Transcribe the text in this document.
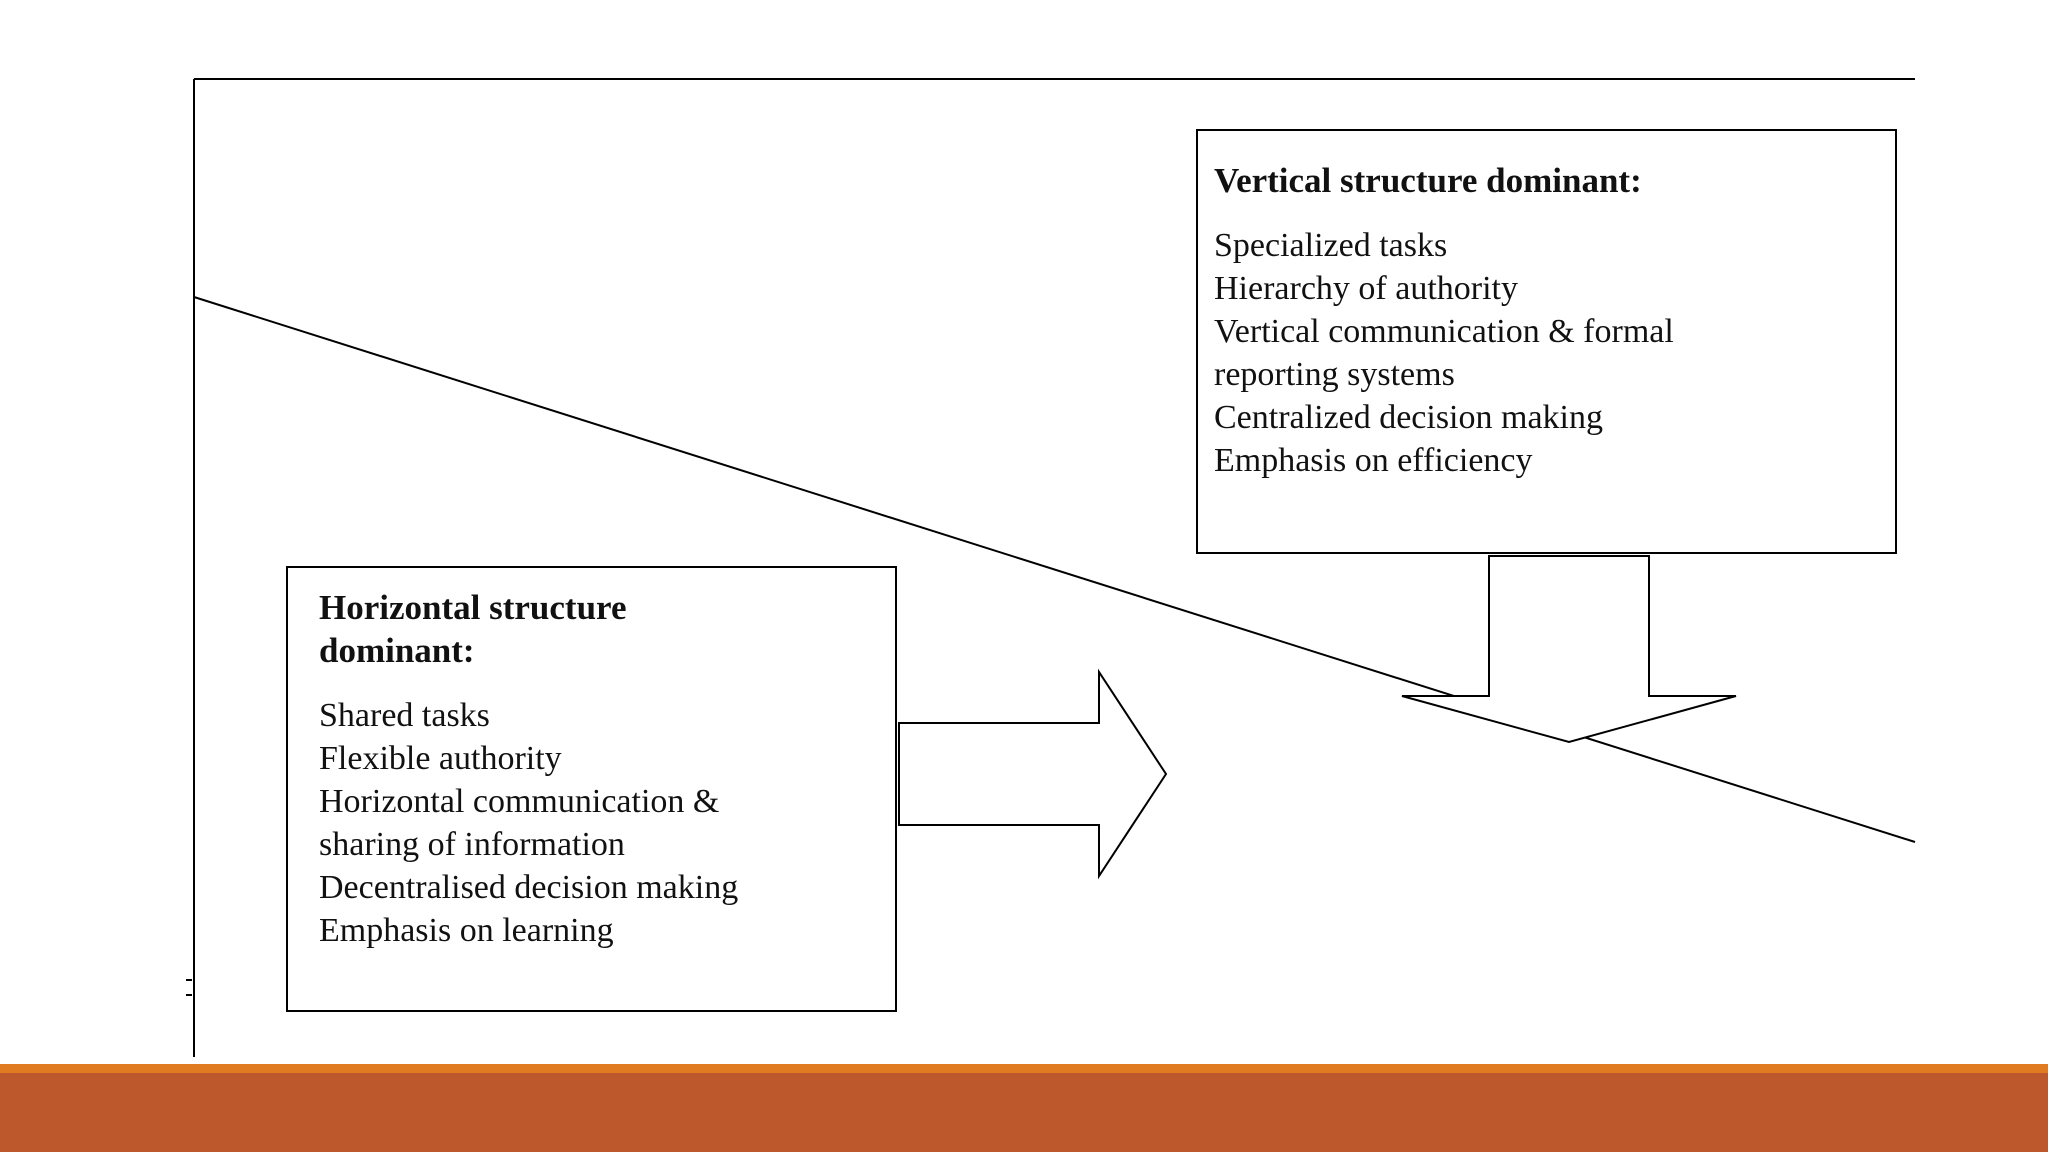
Vertical structure dominant:
Specialized tasks
Hierarchy of authority
Vertical communication & formal
reporting systems
Centralized decision making
Emphasis on efficiency
Horizontal structure
dominant:
Shared tasks
Flexible authority
Horizontal communication &
sharing of information
Decentralised decision making
Emphasis on learning
